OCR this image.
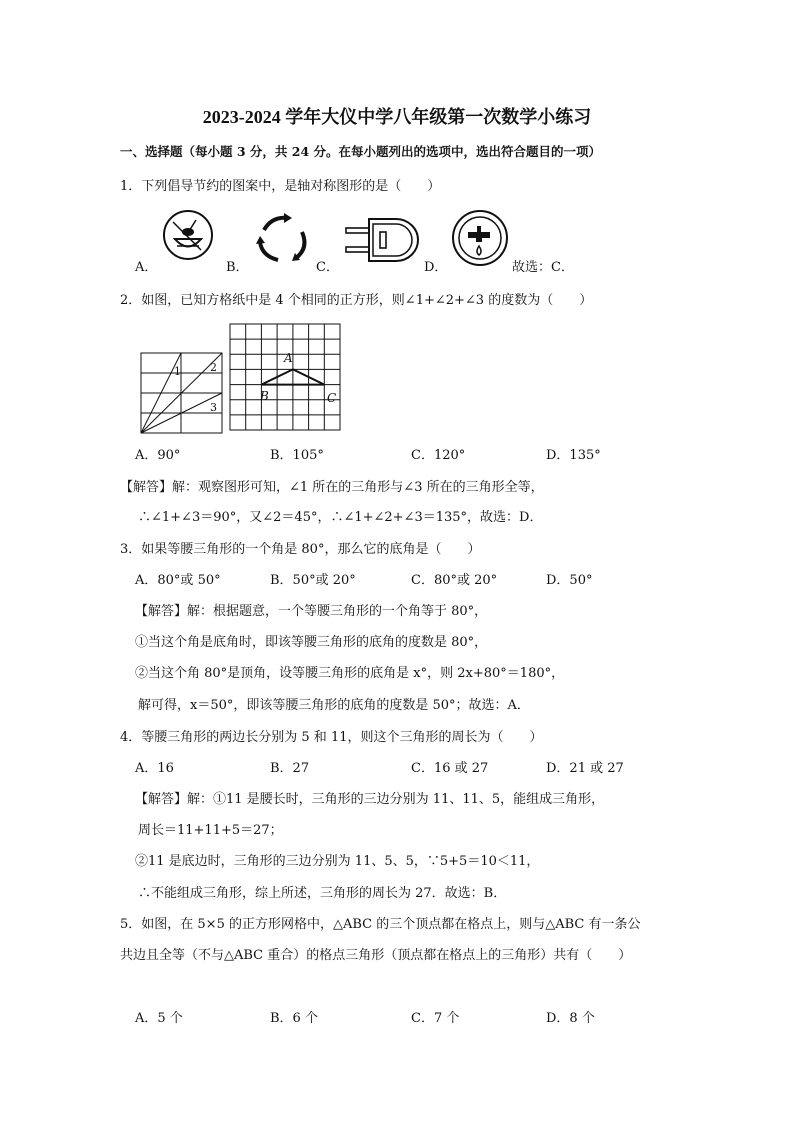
2023-2024 学年大仪中学八年级第一次数学小练习
一、选择题（每小题 3 分，共 24 分。在每小题列出的选项中，选出符合题目的一项）
1．下列倡导节约的图案中，是轴对称图形的是（　　）
A．	B．	C．	D．	故选：C．
2．如图，已知方格纸中是 4 个相同的正方形，则∠1+∠2+∠3 的度数为（　　）
1	2
3
A
B	C
A．90°	B．105°	C．120°	D．135°
【解答】解：观察图形可知，∠1 所在的三角形与∠3 所在的三角形全等，
∴∠1+∠3＝90°，又∠2＝45°，∴∠1+∠2+∠3＝135°，故选：D．
3．如果等腰三角形的一个角是 80°，那么它的底角是（　　）
A．80°或 50°	B．50°或 20°	C．80°或 20°	D．50°
【解答】解：根据题意，一个等腰三角形的一个角等于 80°，
①当这个角是底角时，即该等腰三角形的底角的度数是 80°，
②当这个角 80°是顶角，设等腰三角形的底角是 x°，则 2x+80°＝180°，
解可得，x＝50°，即该等腰三角形的底角的度数是 50°；故选：A．
4．等腰三角形的两边长分别为 5 和 11，则这个三角形的周长为（　　）
A．16	B．27	C．16 或 27	D．21 或 27
【解答】解：①11 是腰长时，三角形的三边分别为 11、11、5，能组成三角形，
周长＝11+11+5＝27；
②11 是底边时，三角形的三边分别为 11、5、5，∵5+5＝10＜11，
∴不能组成三角形，综上所述，三角形的周长为 27．故选：B．
5．如图，在 5×5 的正方形网格中，△ABC 的三个顶点都在格点上，则与△ABC 有一条公
共边且全等（不与△ABC 重合）的格点三角形（顶点都在格点上的三角形）共有（　　）
A．5 个	B．6 个	C．7 个	D．8 个
